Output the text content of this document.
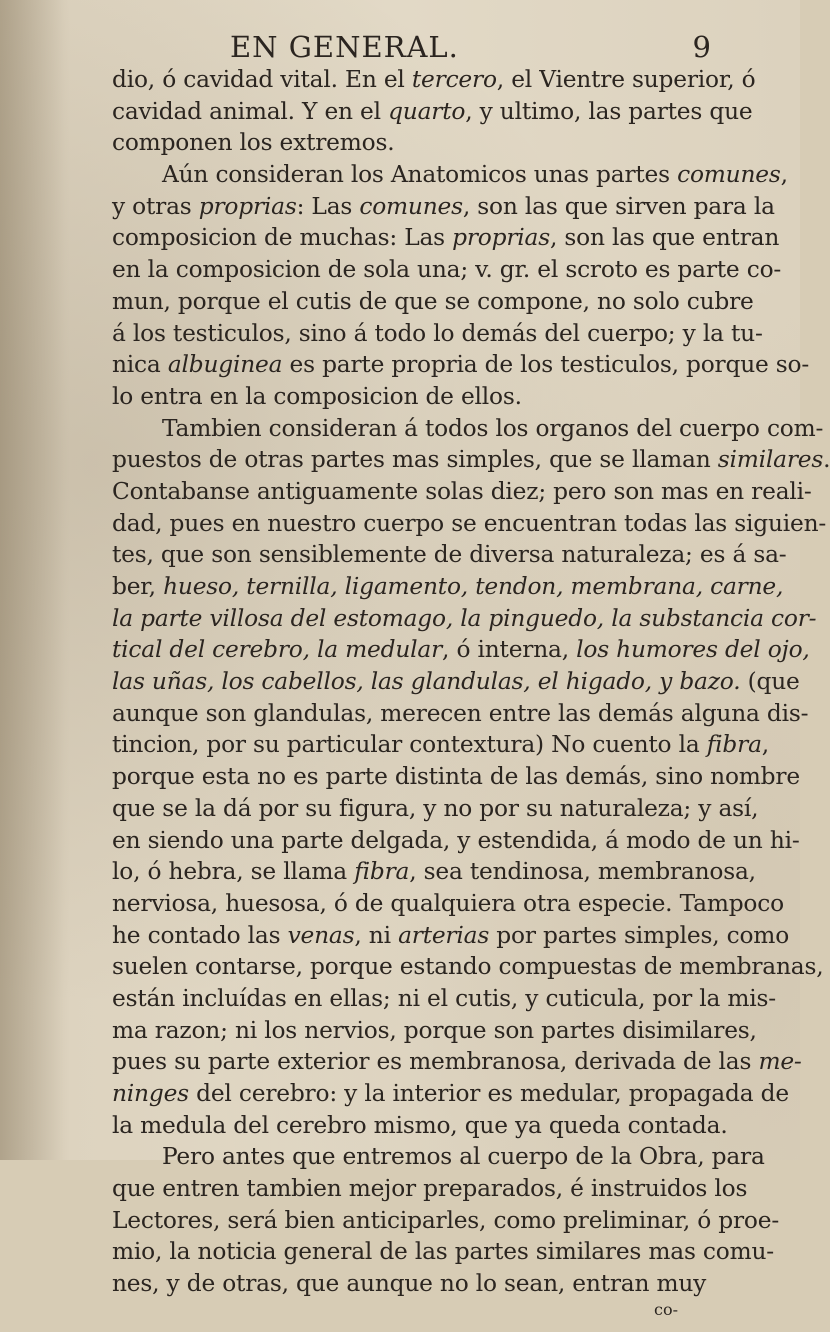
EN GENERAL.	9
dio, ó cavidad vital. En el tercero, el Vientre superior, ó
cavidad animal. Y en el quarto, y ultimo, las partes que
componen los extremos.
Aún consideran los Anatomicos unas partes comunes,
y otras proprias: Las comunes, son las que sirven para la
composicion de muchas: Las proprias, son las que entran
en la composicion de sola una; v. gr. el scroto es parte co-
mun, porque el cutis de que se compone, no solo cubre
á los testiculos, sino á todo lo demás del cuerpo; y la tu-
nica albuginea es parte propria de los testiculos, porque so-
lo entra en la composicion de ellos.
Tambien consideran á todos los organos del cuerpo com-
puestos de otras partes mas simples, que se llaman similares.
Contabanse antiguamente solas diez; pero son mas en reali-
dad, pues en nuestro cuerpo se encuentran todas las siguien-
tes, que son sensiblemente de diversa naturaleza; es á sa-
ber, hueso, ternilla, ligamento, tendon, membrana, carne,
la parte villosa del estomago, la pinguedo, la substancia cor-
tical del cerebro, la medular, ó interna, los humores del ojo,
las uñas, los cabellos, las glandulas, el higado, y bazo. (que
aunque son glandulas, merecen entre las demás alguna dis-
tincion, por su particular contextura) No cuento la fibra,
porque esta no es parte distinta de las demás, sino nombre
que se la dá por su figura, y no por su naturaleza; y así,
en siendo una parte delgada, y estendida, á modo de un hi-
lo, ó hebra, se llama fibra, sea tendinosa, membranosa,
nerviosa, huesosa, ó de qualquiera otra especie. Tampoco
he contado las venas, ni arterias por partes simples, como
suelen contarse, porque estando compuestas de membranas,
están incluídas en ellas; ni el cutis, y cuticula, por la mis-
ma razon; ni los nervios, porque son partes disimilares,
pues su parte exterior es membranosa, derivada de las me-
ninges del cerebro: y la interior es medular, propagada de
la medula del cerebro mismo, que ya queda contada.
Pero antes que entremos al cuerpo de la Obra, para
que entren tambien mejor preparados, é instruidos los
Lectores, será bien anticiparles, como preliminar, ó proe-
mio, la noticia general de las partes similares mas comu-
nes, y de otras, que aunque no lo sean, entran muy
co-
